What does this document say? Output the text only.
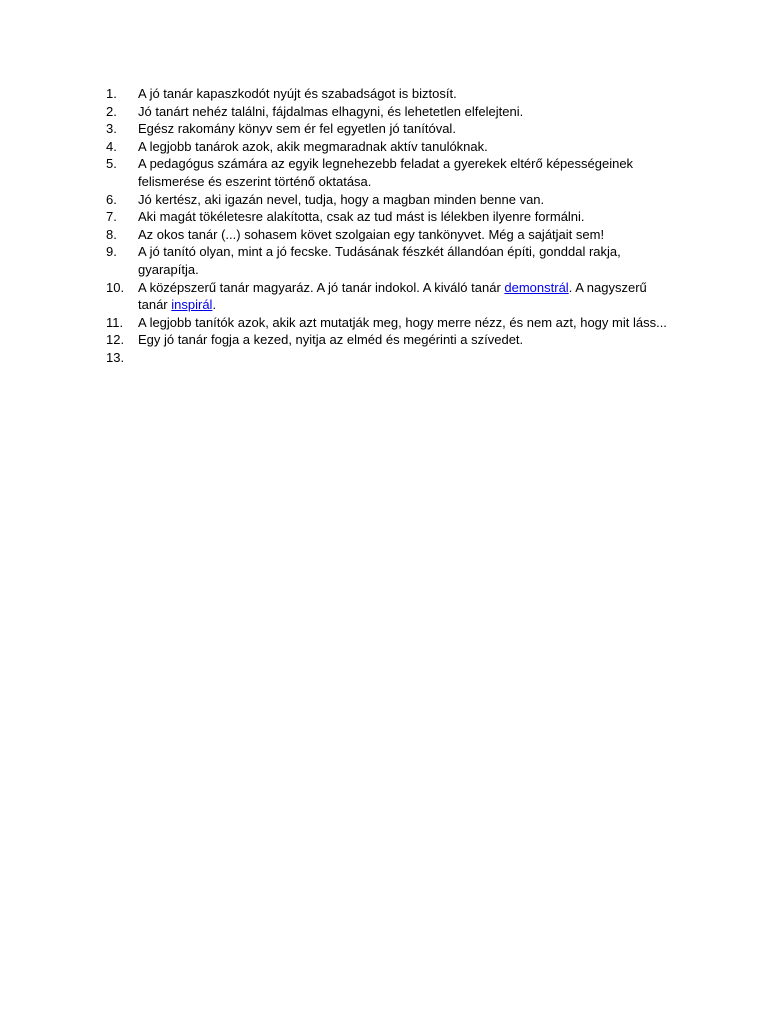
1.	A jó tanár kapaszkodót nyújt és szabadságot is biztosít.
2.	Jó tanárt nehéz találni, fájdalmas elhagyni, és lehetetlen elfelejteni.
3.	Egész rakomány könyv sem ér fel egyetlen jó tanítóval.
4.	A legjobb tanárok azok, akik megmaradnak aktív tanulóknak.
5.	A pedagógus számára az egyik legnehezebb feladat a gyerekek eltérő képességeinek felismerése és eszerint történő oktatása.
6.	Jó kertész, aki igazán nevel, tudja, hogy a magban minden benne van.
7.	Aki magát tökéletesre alakította, csak az tud mást is lélekben ilyenre formálni.
8.	Az okos tanár (...) sohasem követ szolgaian egy tankönyvet. Még a sajátjait sem!
9.	A jó tanító olyan, mint a jó fecske. Tudásának fészkét állandóan építi, gonddal rakja, gyarapítja.
10.	A középszerű tanár magyaráz. A jó tanár indokol. A kiváló tanár demonstrál. A nagyszerű tanár inspirál.
11.	A legjobb tanítók azok, akik azt mutatják meg, hogy merre nézz, és nem azt, hogy mit láss...
12.	Egy jó tanár fogja a kezed, nyitja az elméd és megérinti a szívedet.
13.
